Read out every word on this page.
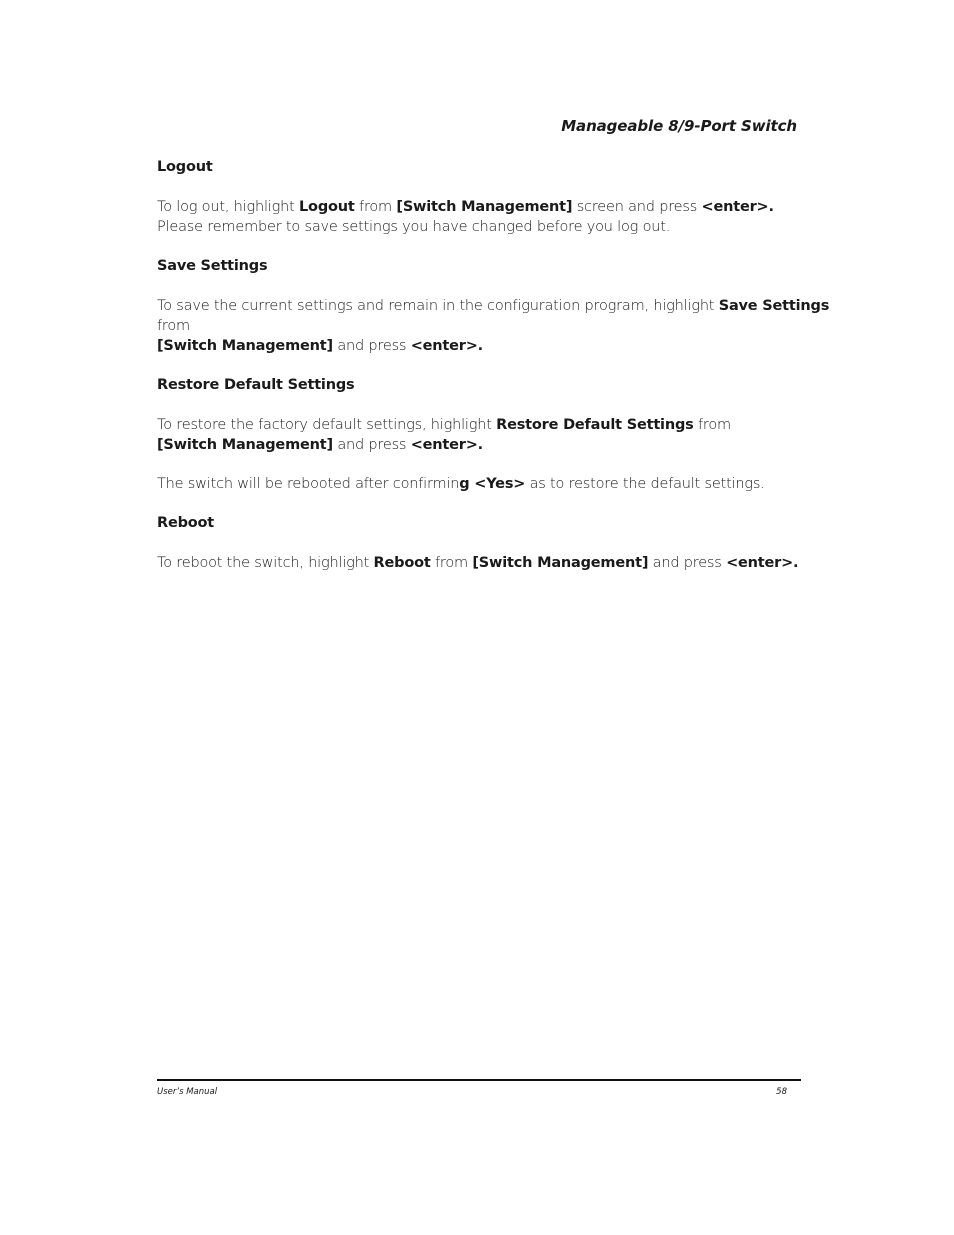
Manageable 8/9-Port Switch
Logout

To log out, highlight Logout from [Switch Management] screen and press <enter>.

Please remember to save settings you have changed before you log out.

Save Settings

To save the current settings and remain in the configuration program, highlight Save Settings from
[Switch Management] and press <enter>.

Restore Default Settings

To restore the factory default settings, highlight Restore Default Settings from
[Switch Management] and press <enter>.

The switch will be rebooted after confirming <Yes> as to restore the default settings.

Reboot

To reboot the switch, highlight Reboot from [Switch Management] and press <enter>.

User’s Manual	58
